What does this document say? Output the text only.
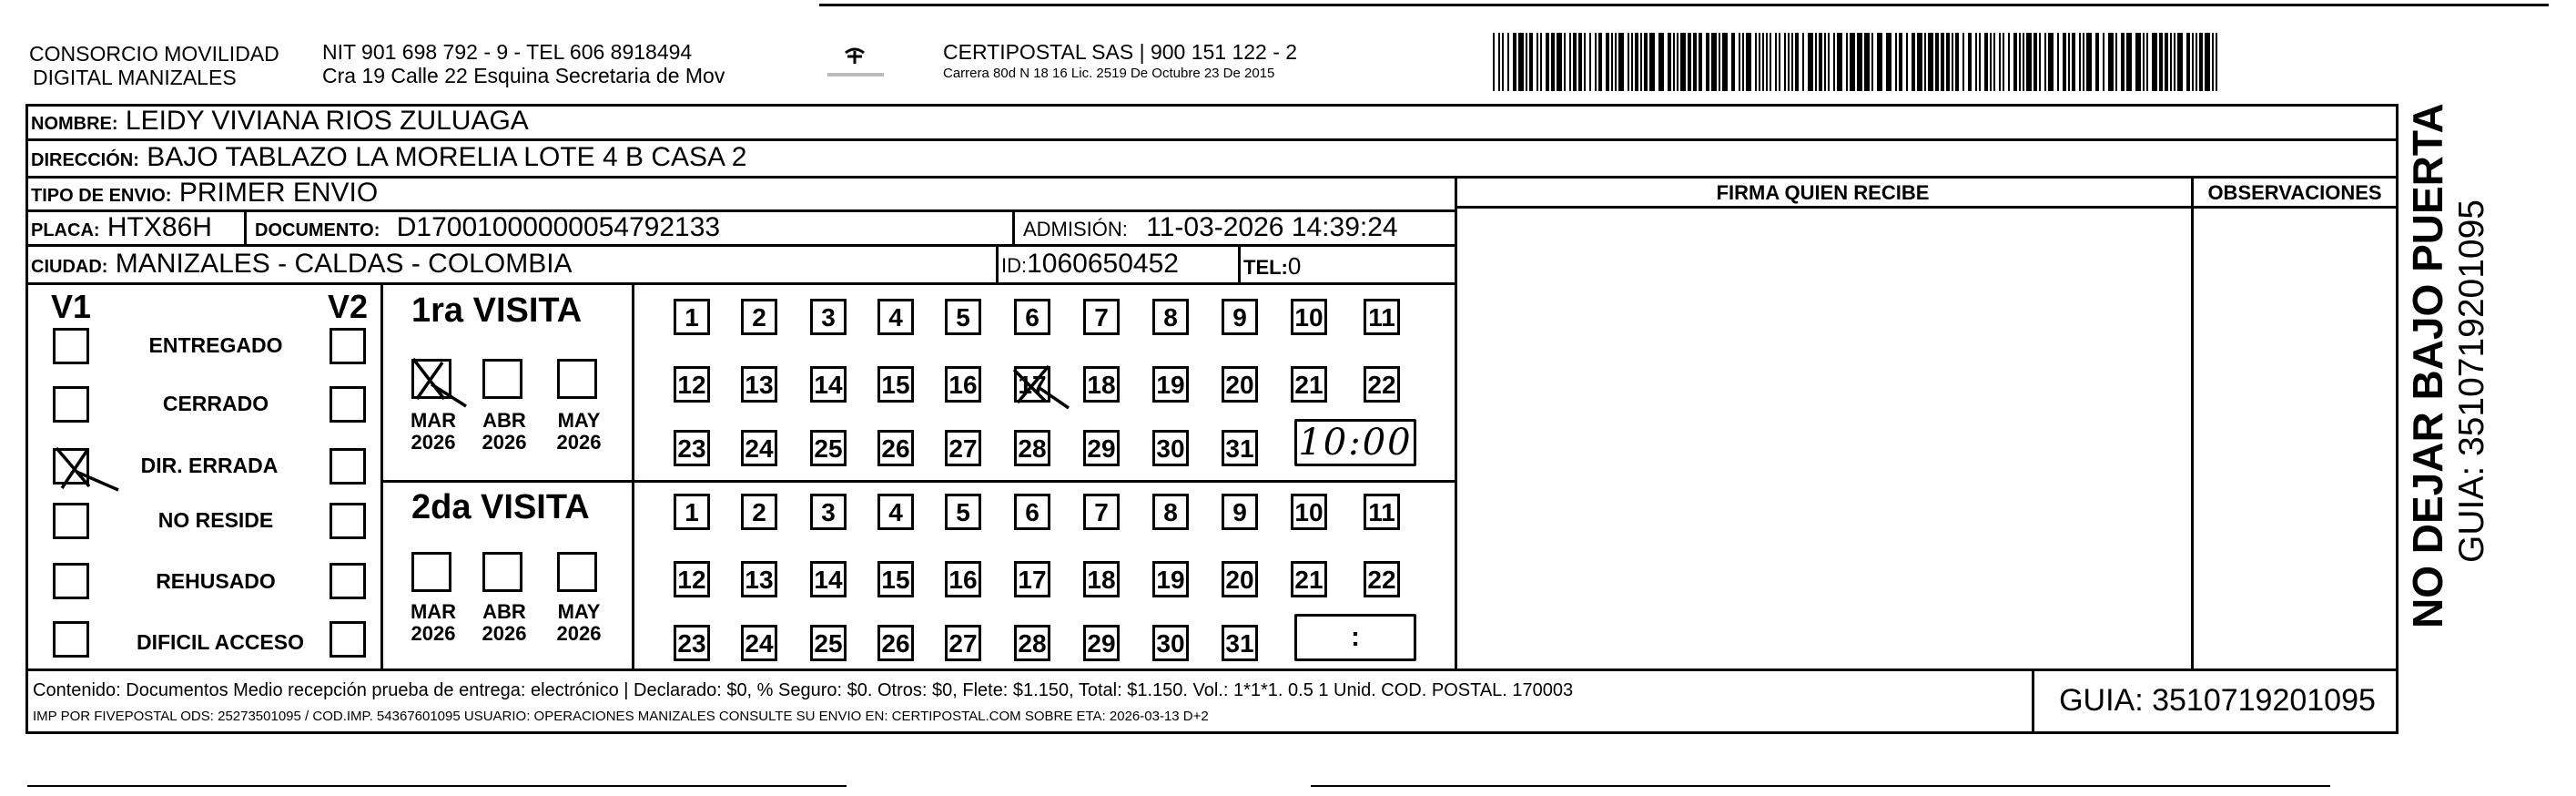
CONSORCIO MOVILIDAD
DIGITAL MANIZALES
NIT 901 698 792 - 9 - TEL 606 8918494
Cra 19 Calle 22 Esquina Secretaria de Mov
CERTIPOSTAL SAS | 900 151 122 - 2
Carrera 80d N 18 16 Lic. 2519 De Octubre 23 De 2015
NOMBRE: LEIDY VIVIANA RIOS ZULUAGA
DIRECCIÓN: BAJO TABLAZO LA MORELIA LOTE 4 B CASA 2
TIPO DE ENVIO: PRIMER ENVIO
PLACA: HTX86H DOCUMENTO: D17001000000054792133	ADMISIÓN: 11-03-2026 14:39:24
CIUDAD: MANIZALES - CALDAS - COLOMBIA	ID:1060650452	TEL:0
FIRMA QUIEN RECIBE	OBSERVACIONES
V1	V2
ENTREGADO
CERRADO
DIR. ERRADA
NO RESIDE
REHUSADO
DIFICIL ACCESO
1ra VISITA
MAR
2026
ABR
2026
MAY
2026
2da VISITA
MAR
2026
ABR
2026
MAY
2026
1	2	3	4	5	6	7	8	9	10 11
12 13 14 15 16 17 18 19 20 21 22
23 24 25 26 27 28 29 30 31
1	2	3	4	5	6	7	8	9	10 11
12 13 14 15 16 17 18 19 20 21 22
23 24 25 26 27 28 29 30 31
10:00
:
Contenido: Documentos Medio recepción prueba de entrega: electrónico | Declarado: $0, % Seguro: $0. Otros: $0, Flete: $1.150, Total: $1.150. Vol.: 1*1*1. 0.5 1 Unid. COD. POSTAL. 170003
IMP POR FIVEPOSTAL ODS: 25273501095 / COD.IMP. 54367601095 USUARIO: OPERACIONES MANIZALES CONSULTE SU ENVIO EN: CERTIPOSTAL.COM SOBRE ETA: 2026-03-13 D+2	GUIA: 3510719201095
NO DEJAR BAJO PUERTA GUIA: 3510719201095
